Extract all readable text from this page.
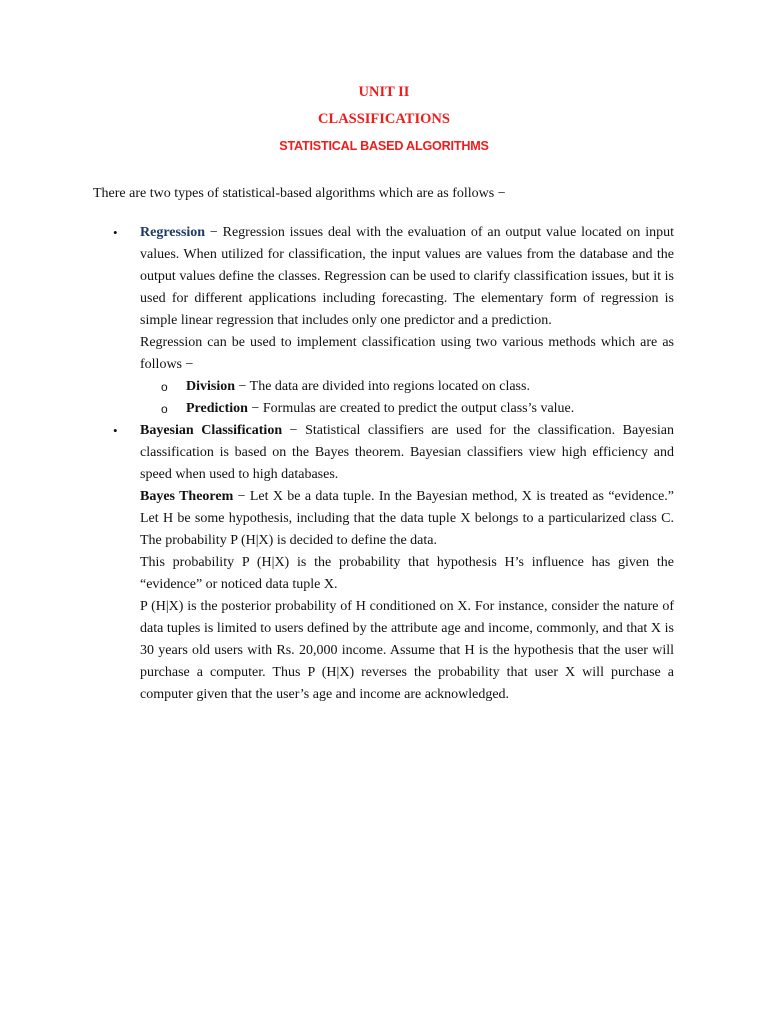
UNIT II
CLASSIFICATIONS
STATISTICAL BASED ALGORITHMS

There are two types of statistical-based algorithms which are as follows −

• Regression − Regression issues deal with the evaluation of an output value located on input values. When utilized for classification, the input values are values from the database and the output values define the classes. Regression can be used to clarify classification issues, but it is used for different applications including forecasting. The elementary form of regression is simple linear regression that includes only one predictor and a prediction.
Regression can be used to implement classification using two various methods which are as follows −
o Division − The data are divided into regions located on class.
o Prediction − Formulas are created to predict the output class’s value.
• Bayesian Classification − Statistical classifiers are used for the classification. Bayesian classification is based on the Bayes theorem. Bayesian classifiers view high efficiency and speed when used to high databases.
Bayes Theorem − Let X be a data tuple. In the Bayesian method, X is treated as “evidence.” Let H be some hypothesis, including that the data tuple X belongs to a particularized class C. The probability P (H|X) is decided to define the data.
This probability P (H|X) is the probability that hypothesis H’s influence has given the “evidence” or noticed data tuple X.
P (H|X) is the posterior probability of H conditioned on X. For instance, consider the nature of data tuples is limited to users defined by the attribute age and income, commonly, and that X is 30 years old users with Rs. 20,000 income. Assume that H is the hypothesis that the user will purchase a computer. Thus P (H|X) reverses the probability that user X will purchase a computer given that the user’s age and income are acknowledged.
